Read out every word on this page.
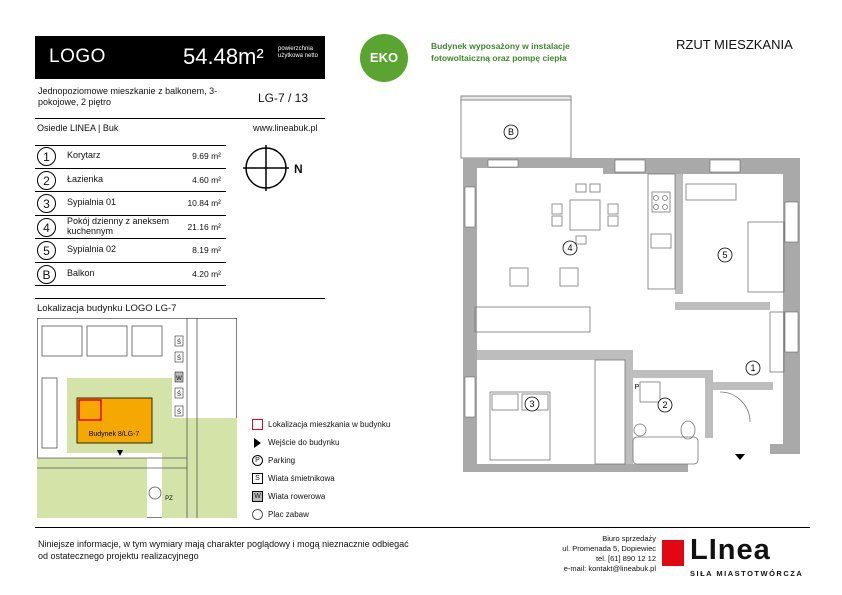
LOGO	54.48m² powierzchnia użytkowa netto
Jednopoziomowe mieszkanie z balkonem, 3-pokojowe, 2 piętro	LG-7 / 13
Osiedle LINEA | Buk	www.lineabuk.pl
1	Korytarz	9.69 m²
2	Łazienka	4.60 m²
3	Sypialnia 01	10.84 m²
4	Pokój dzienny z aneksem kuchennym	21.16 m²
5	Sypialnia 02	8.19 m²
B	Balkon	4.20 m²
N
EKO
Budynek wyposażony w instalacje fotowoltaiczną oraz pompę ciepła
RZUT MIESZKANIA
B
4
5
3	2
1
P
Lokalizacja budynku LOGO LG-7
Budynek 8/LG-7
Ś
Ś
W
Ś
Ś
PZ
Lokalizacja mieszkania w budynku
Wejście do budynku
P	Parking
Ś	Wiata śmietnikowa
W Wiata rowerowa
Plac zabaw
Niniejsze informacje, w tym wymiary mają charakter poglądowy i mogą nieznacznie odbiegać od ostatecznego projektu realizacyjnego
Biuro sprzedaży
ul. Promenada 5, Dopiewiec
tel. [61] 890 12 12
e-mail: kontakt@lineabuk.pl
LInea
SIŁA MIASTOTWÓRCZA
